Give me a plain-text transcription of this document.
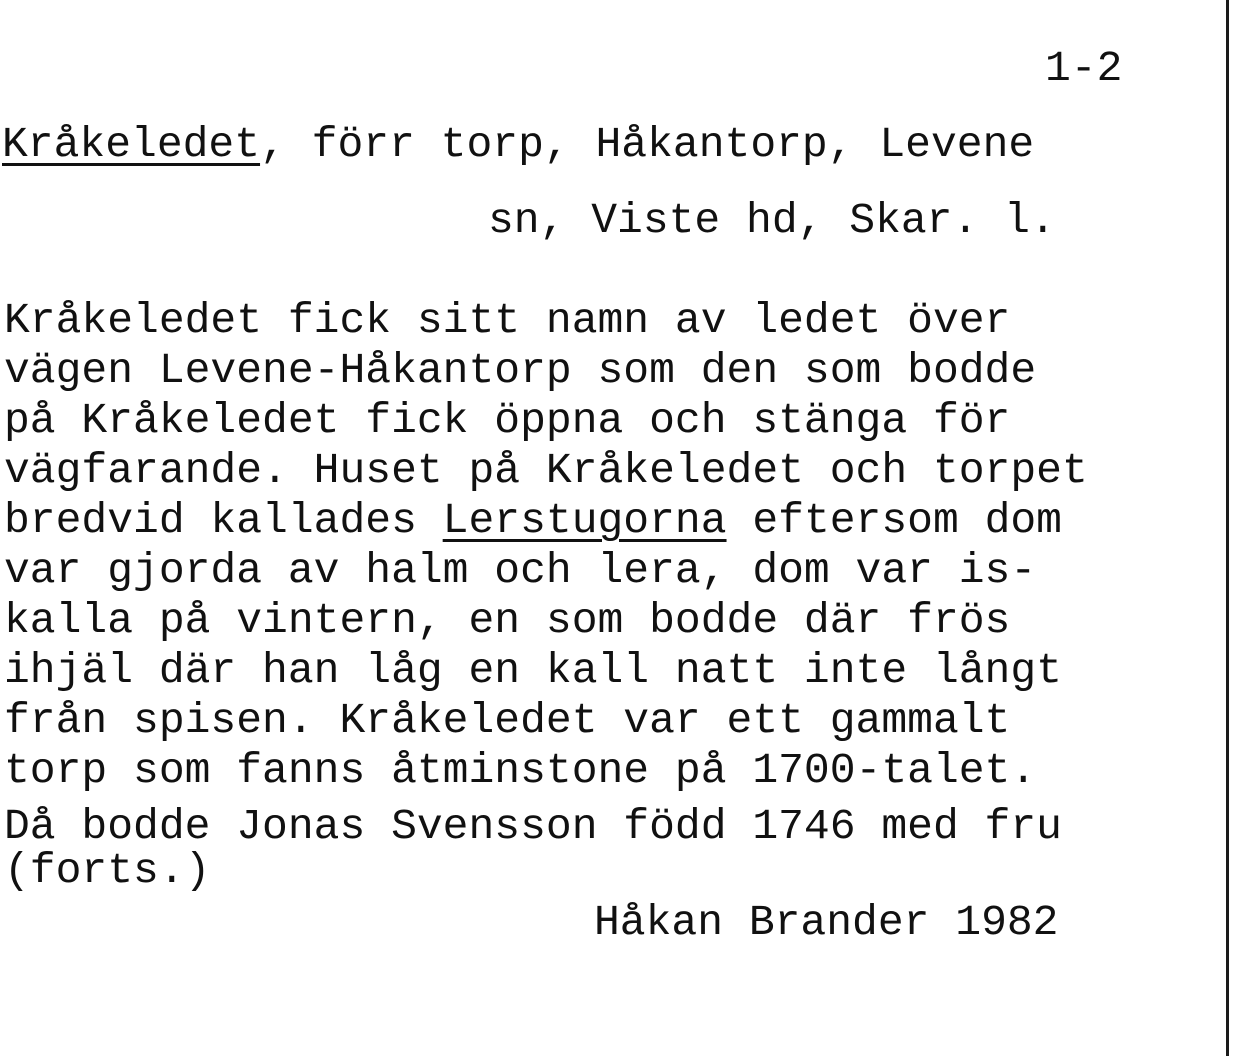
1-2
Kråkeledet, förr torp, Håkantorp, Levene
sn, Viste hd, Skar. l.
Kråkeledet fick sitt namn av ledet över
vägen Levene-Håkantorp som den som bodde
på Kråkeledet fick öppna och stänga för
vägfarande. Huset på Kråkeledet och torpet
bredvid kallades Lerstugorna eftersom dom
var gjorda av halm och lera, dom var is-
kalla på vintern, en som bodde där frös
ihjäl där han låg en kall natt inte långt
från spisen. Kråkeledet var ett gammalt
torp som fanns åtminstone på 1700-talet.
Då bodde Jonas Svensson född 1746 med fru
(forts.)
Håkan Brander 1982
